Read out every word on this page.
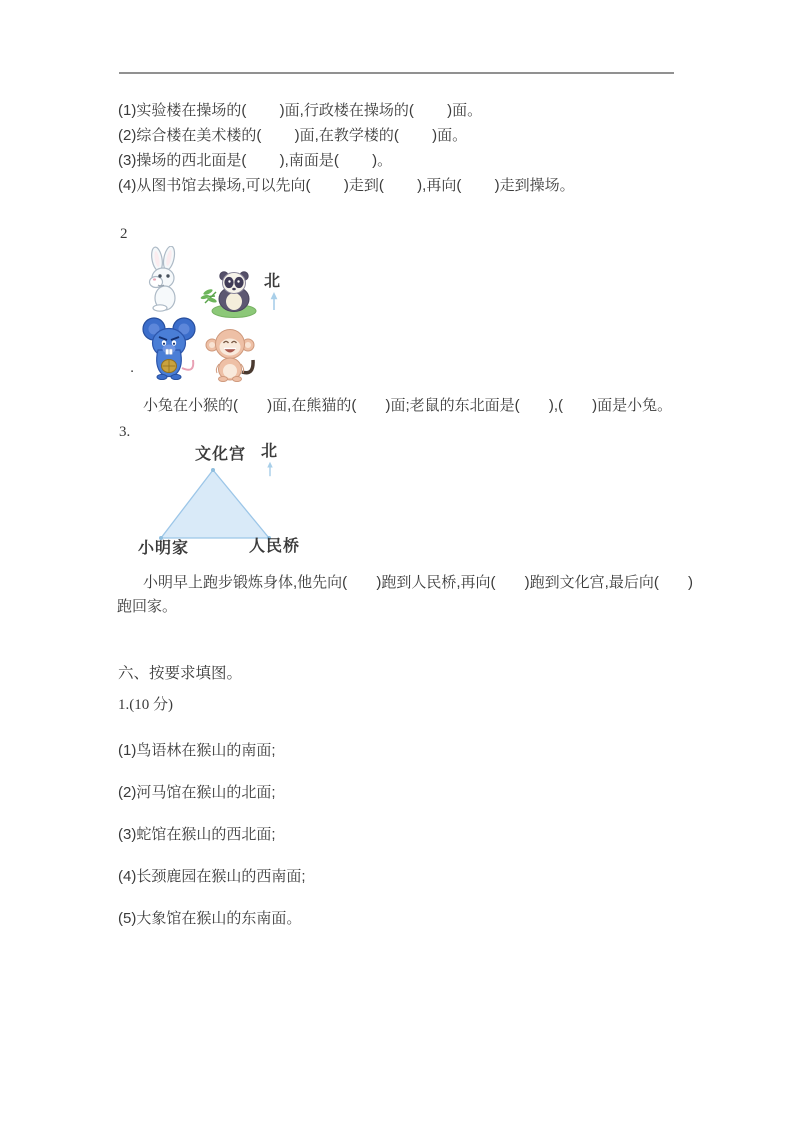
(1)实验楼在操场的(        )面,行政楼在操场的(        )面。
(2)综合楼在美术楼的(        )面,在教学楼的(        )面。
(3)操场的西北面是(        ),南面是(        )。
(4)从图书馆去操场,可以先向(        )走到(        ),再向(        )走到操场。
2
北
.
小兔在小猴的(       )面,在熊猫的(       )面;老鼠的东北面是(       ),(       )面是小兔。
3.
文化宫 北
小明家	人民桥
小明早上跑步锻炼身体,他先向(       )跑到人民桥,再向(       )跑到文化宫,最后向(       )
跑回家。
六、按要求填图。
1.(10 分)
(1)鸟语林在猴山的南面;
(2)河马馆在猴山的北面;
(3)蛇馆在猴山的西北面;
(4)长颈鹿园在猴山的西南面;
(5)大象馆在猴山的东南面。
